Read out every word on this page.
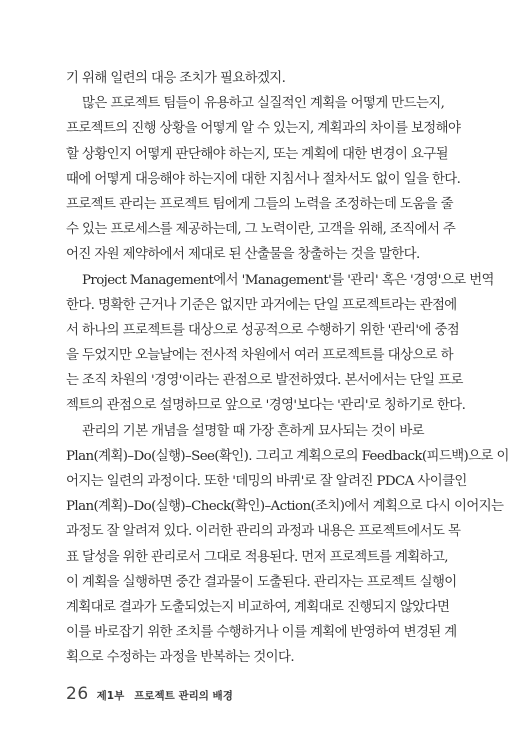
기 위해 일련의 대응 조치가 필요하겠지.
많은 프로젝트 팀들이 유용하고 실질적인 계획을 어떻게 만드는지,
프로젝트의 진행 상황을 어떻게 알 수 있는지, 계획과의 차이를 보정해야
할 상황인지 어떻게 판단해야 하는지, 또는 계획에 대한 변경이 요구될
때에 어떻게 대응해야 하는지에 대한 지침서나 절차서도 없이 일을 한다.
프로젝트 관리는 프로젝트 팀에게 그들의 노력을 조정하는데 도움을 줄
수 있는 프로세스를 제공하는데, 그 노력이란, 고객을 위해, 조직에서 주
어진 자원 제약하에서 제대로 된 산출물을 창출하는 것을 말한다.
Project Management에서 'Management'를 '관리' 혹은 '경영'으로 번역
한다. 명확한 근거나 기준은 없지만 과거에는 단일 프로젝트라는 관점에
서 하나의 프로젝트를 대상으로 성공적으로 수행하기 위한 '관리'에 중점
을 두었지만 오늘날에는 전사적 차원에서 여러 프로젝트를 대상으로 하
는 조직 차원의 '경영'이라는 관점으로 발전하였다. 본서에서는 단일 프로
젝트의 관점으로 설명하므로 앞으로 '경영'보다는 '관리'로 칭하기로 한다.
관리의 기본 개념을 설명할 때 가장 흔하게 묘사되는 것이 바로
Plan(계획)–Do(실행)–See(확인). 그리고 계획으로의 Feedback(피드백)으로 이
어지는 일련의 과정이다. 또한 '데밍의 바퀴'로 잘 알려진 PDCA 사이클인
Plan(계획)–Do(실행)–Check(확인)–Action(조치)에서 계획으로 다시 이어지는
과정도 잘 알려져 있다. 이러한 관리의 과정과 내용은 프로젝트에서도 목
표 달성을 위한 관리로서 그대로 적용된다. 먼저 프로젝트를 계획하고,
이 계획을 실행하면 중간 결과물이 도출된다. 관리자는 프로젝트 실행이
계획대로 결과가 도출되었는지 비교하여, 계획대로 진행되지 않았다면
이를 바로잡기 위한 조치를 수행하거나 이를 계획에 반영하여 변경된 계
획으로 수정하는 과정을 반복하는 것이다.
26 제1부 프로젝트 관리의 배경
